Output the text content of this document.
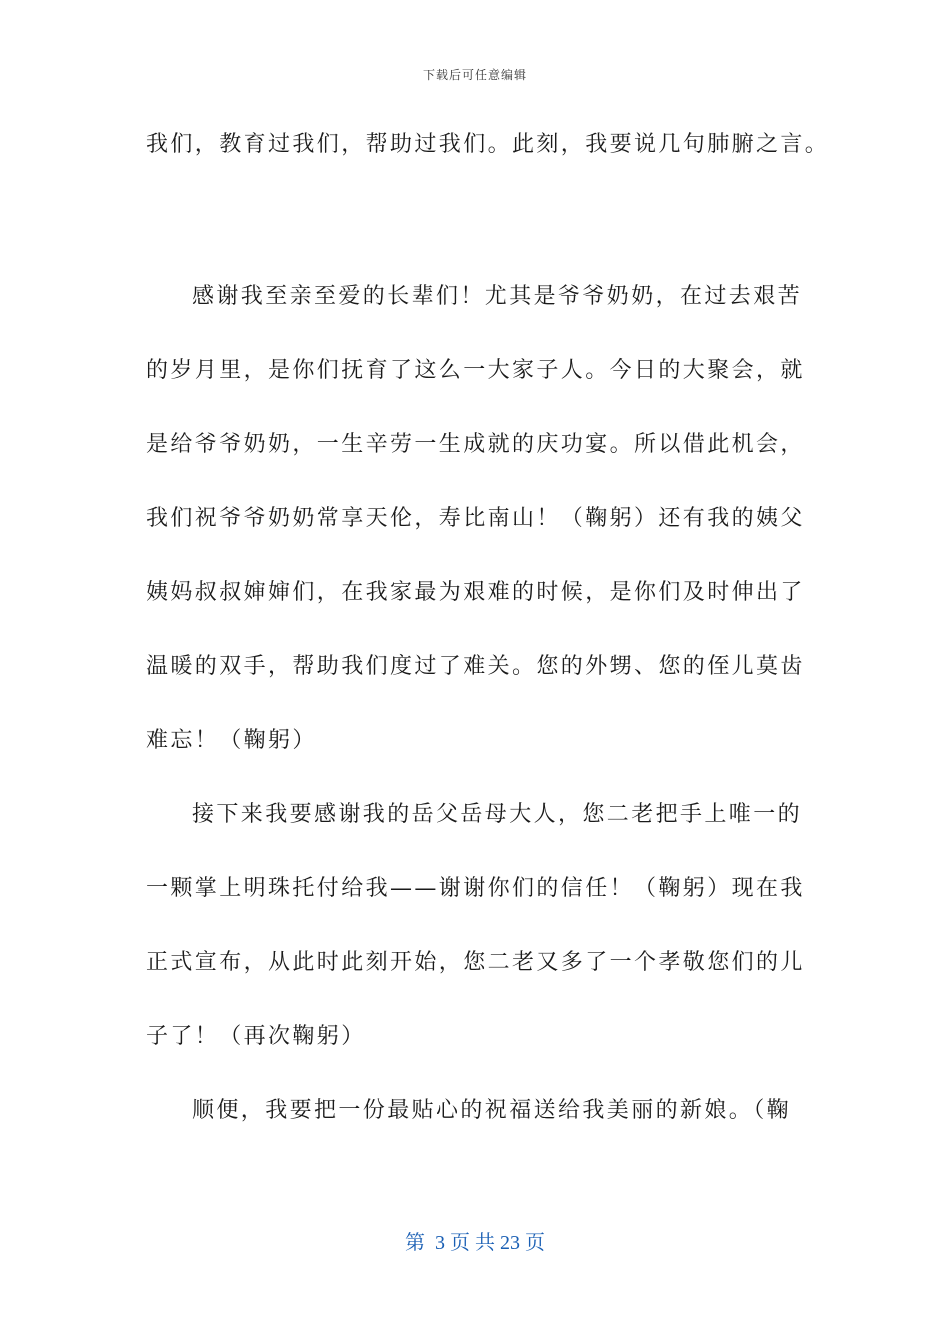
下载后可任意编辑
我们，教育过我们，帮助过我们。此刻，我要说几句肺腑之言。
感谢我至亲至爱的长辈们！尤其是爷爷奶奶，在过去艰苦
的岁月里，是你们抚育了这么一大家子人。今日的大聚会，就
是给爷爷奶奶，一生辛劳一生成就的庆功宴。所以借此机会，
我们祝爷爷奶奶常享天伦，寿比南山！（鞠躬）还有我的姨父
姨妈叔叔婶婶们，在我家最为艰难的时候，是你们及时伸出了
温暖的双手，帮助我们度过了难关。您的外甥、您的侄儿莫齿
难忘！（鞠躬）
接下来我要感谢我的岳父岳母大人，您二老把手上唯一的
一颗掌上明珠托付给我——谢谢你们的信任！（鞠躬）现在我
正式宣布，从此时此刻开始，您二老又多了一个孝敬您们的儿
子了！（再次鞠躬）
顺便，我要把一份最贴心的祝福送给我美丽的新娘。（鞠
第  3 页 共 23 页
